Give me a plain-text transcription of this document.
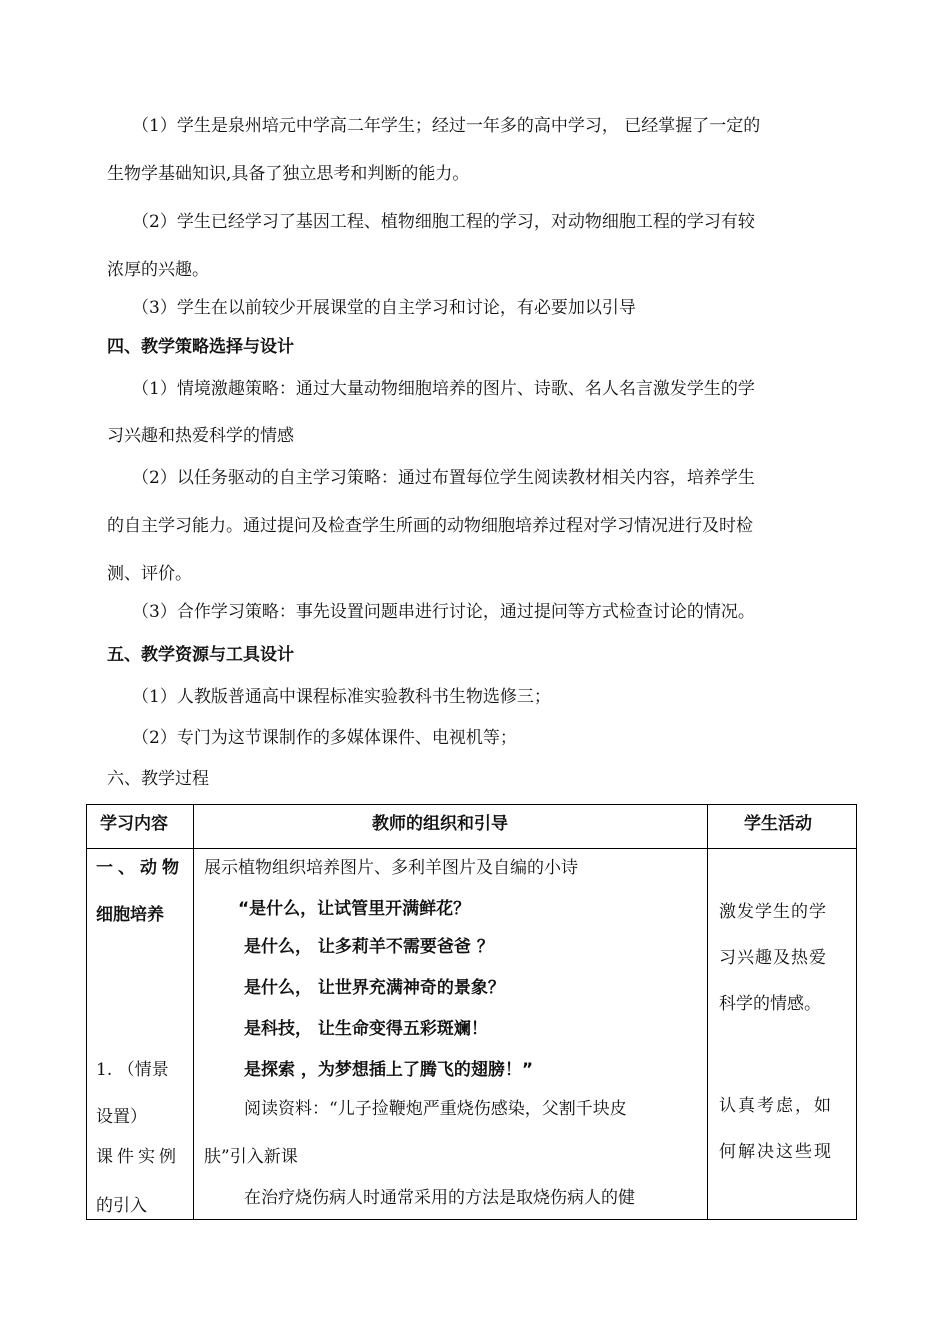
（1）学生是泉州培元中学高二年学生；经过一年多的高中学习， 已经掌握了一定的
生物学基础知识,具备了独立思考和判断的能力。
（2）学生已经学习了基因工程、植物细胞工程的学习，对动物细胞工程的学习有较
浓厚的兴趣。
（3）学生在以前较少开展课堂的自主学习和讨论，有必要加以引导
四、教学策略选择与设计
（1）情境激趣策略：通过大量动物细胞培养的图片、诗歌、名人名言激发学生的学
习兴趣和热爱科学的情感
（2）以任务驱动的自主学习策略：通过布置每位学生阅读教材相关内容，培养学生
的自主学习能力。通过提问及检查学生所画的动物细胞培养过程对学习情况进行及时检
测、评价。
（3）合作学习策略：事先设置问题串进行讨论，通过提问等方式检查讨论的情况。
五、教学资源与工具设计
（1）人教版普通高中课程标准实验教科书生物选修三；
（2）专门为这节课制作的多媒体课件、电视机等；
六、教学过程
学习内容	教师的组织和引导	学生活动
一、动物
细胞培养
1. （情景
设置）
课件实例
的引入
展示植物组织培养图片、多利羊图片及自编的小诗
“是什么，让试管里开满鲜花？
是什么， 让多莉羊不需要爸爸 ？
是什么， 让世界充满神奇的景象？
是科技， 让生命变得五彩斑斓！
是探索 ，为梦想插上了腾飞的翅膀！”
阅读资料：“儿子捡鞭炮严重烧伤感染，父割千块皮
肤”引入新课
在治疗烧伤病人时通常采用的方法是取烧伤病人的健
激发学生的学
习兴趣及热爱
科学的情感。
认真考虑，如
何解决这些现
